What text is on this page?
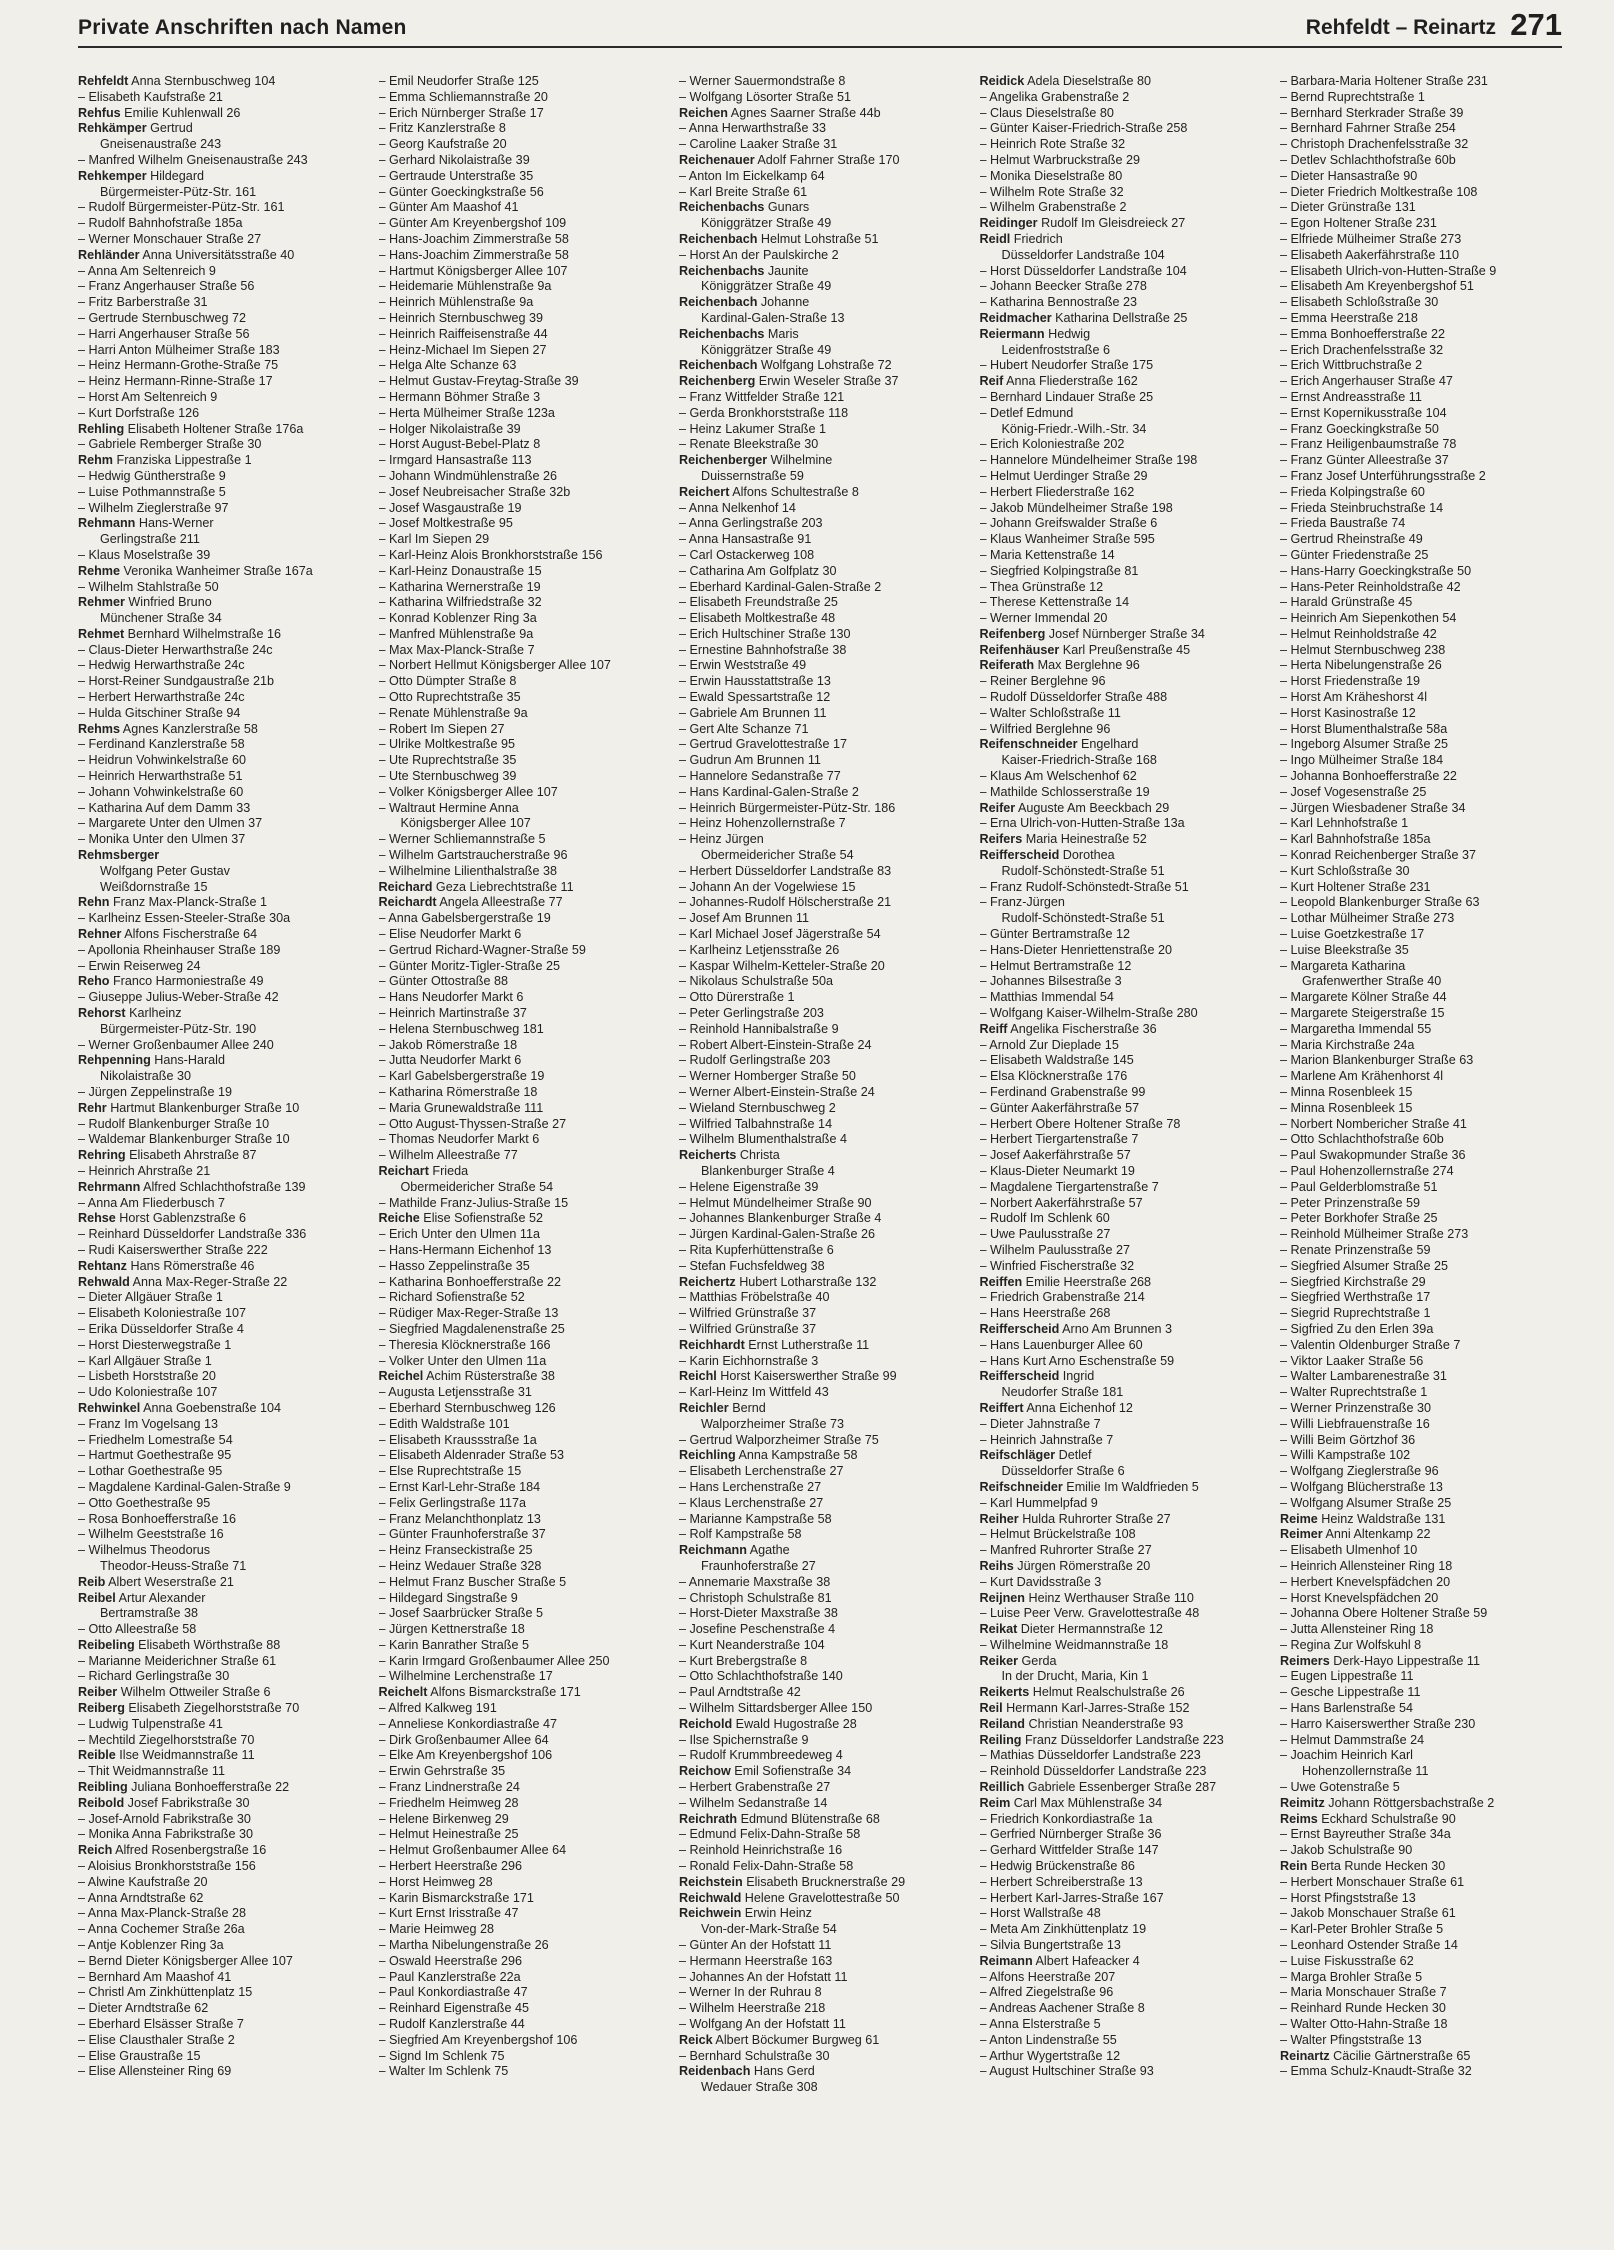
Private Anschriften nach Namen	Rehfeldt – Reinartz 271
Rehfeldt Anna Sternbuschweg 104
– Elisabeth Kaufstraße 21
Rehfus Emilie Kuhlenwall 26
Rehkämper Gertrud
Gneisenaustraße 243
– Manfred Wilhelm Gneisenaustraße 243
Rehkemper Hildegard
Bürgermeister-Pütz-Str. 161
– Rudolf Bürgermeister-Pütz-Str. 161
– Rudolf Bahnhofstraße 185a
– Werner Monschauer Straße 27
Rehländer Anna Universitätsstraße 40
– Anna Am Seltenreich 9
– Franz Angerhauser Straße 56
– Fritz Barberstraße 31
– Gertrude Sternbuschweg 72
– Harri Angerhauser Straße 56
– Harri Anton Mülheimer Straße 183
– Heinz Hermann-Grothe-Straße 75
– Heinz Hermann-Rinne-Straße 17
– Horst Am Seltenreich 9
– Kurt Dorfstraße 126
Rehling Elisabeth Holtener Straße 176a
– Gabriele Remberger Straße 30
Rehm Franziska Lippestraße 1
– Hedwig Güntherstraße 9
– Luise Pothmannstraße 5
– Wilhelm Zieglerstraße 97
Rehmann Hans-Werner
Gerlingstraße 211
– Klaus Moselstraße 39
Rehme Veronika Wanheimer Straße 167a
– Wilhelm Stahlstraße 50
Rehmer Winfried Bruno
Münchener Straße 34
Rehmet Bernhard Wilhelmstraße 16
– Claus-Dieter Herwarthstraße 24c
– Hedwig Herwarthstraße 24c
– Horst-Reiner Sundgaustraße 21b
– Herbert Herwarthstraße 24c
– Hulda Gitschiner Straße 94
Rehms Agnes Kanzlerstraße 58
– Ferdinand Kanzlerstraße 58
– Heidrun Vohwinkelstraße 60
– Heinrich Herwarthstraße 51
– Johann Vohwinkelstraße 60
– Katharina Auf dem Damm 33
– Margarete Unter den Ulmen 37
– Monika Unter den Ulmen 37
Rehmsberger
Wolfgang Peter Gustav
Weißdornstraße 15
Rehn Franz Max-Planck-Straße 1
– Karlheinz Essen-Steeler-Straße 30a
Rehner Alfons Fischerstraße 64
– Apollonia Rheinhauser Straße 189
– Erwin Reiserweg 24
Reho Franco Harmoniestraße 49
– Giuseppe Julius-Weber-Straße 42
Rehorst Karlheinz
Bürgermeister-Pütz-Str. 190
– Werner Großenbaumer Allee 240
Rehpenning Hans-Harald
Nikolaistraße 30
– Jürgen Zeppelinstraße 19
Rehr Hartmut Blankenburger Straße 10
– Rudolf Blankenburger Straße 10
– Waldemar Blankenburger Straße 10
Rehring Elisabeth Ahrstraße 87
– Heinrich Ahrstraße 21
Rehrmann Alfred Schlachthofstraße 139
– Anna Am Fliederbusch 7
Rehse Horst Gablenzstraße 6
– Reinhard Düsseldorfer Landstraße 336
– Rudi Kaiserswerther Straße 222
Rehtanz Hans Römerstraße 46
Rehwald Anna Max-Reger-Straße 22
– Dieter Allgäuer Straße 1
– Elisabeth Koloniestraße 107
– Erika Düsseldorfer Straße 4
– Horst Diesterwegstraße 1
– Karl Allgäuer Straße 1
– Lisbeth Horststraße 20
– Udo Koloniestraße 107
Rehwinkel Anna Goebenstraße 104
– Franz Im Vogelsang 13
– Friedhelm Lomestraße 54
– Hartmut Goethestraße 95
– Lothar Goethestraße 95
– Magdalene Kardinal-Galen-Straße 9
– Otto Goethestraße 95
– Rosa Bonhoefferstraße 16
– Wilhelm Geeststraße 16
– Wilhelmus Theodorus
Theodor-Heuss-Straße 71
Reib Albert Weserstraße 21
Reibel Artur Alexander
Bertramstraße 38
– Otto Alleestraße 58
Reibeling Elisabeth Wörthstraße 88
– Marianne Meiderichner Straße 61
– Richard Gerlingstraße 30
Reiber Wilhelm Ottweiler Straße 6
Reiberg Elisabeth Ziegelhorststraße 70
– Ludwig Tulpenstraße 41
– Mechtild Ziegelhorststraße 70
Reible Ilse Weidmannstraße 11
– Thit Weidmannstraße 11
Reibling Juliana Bonhoefferstraße 22
Reibold Josef Fabrikstraße 30
– Josef-Arnold Fabrikstraße 30
– Monika Anna Fabrikstraße 30
Reich Alfred Rosenbergstraße 16
– Aloisius Bronkhorststraße 156
– Alwine Kaufstraße 20
– Anna Arndtstraße 62
– Anna Max-Planck-Straße 28
– Anna Cochemer Straße 26a
– Antje Koblenzer Ring 3a
– Bernd Dieter Königsberger Allee 107
– Bernhard Am Maashof 41
– Christl Am Zinkhüttenplatz 15
– Dieter Arndtstraße 62
– Eberhard Elsässer Straße 7
– Elise Clausthaler Straße 2
– Elise Graustraße 15
– Elise Allensteiner Ring 69
– Emil Neudorfer Straße 125
– Emma Schliemannstraße 20
– Erich Nürnberger Straße 17
– Fritz Kanzlerstraße 8
– Georg Kaufstraße 20
– Gerhard Nikolaistraße 39
– Gertraude Unterstraße 35
– Günter Goeckingkstraße 56
– Günter Am Maashof 41
– Günter Am Kreyenbergshof 109
– Hans-Joachim Zimmerstraße 58
– Hans-Joachim Zimmerstraße 58
– Hartmut Königsberger Allee 107
– Heidemarie Mühlenstraße 9a
– Heinrich Mühlenstraße 9a
– Heinrich Sternbuschweg 39
– Heinrich Raiffeisenstraße 44
– Heinz-Michael Im Siepen 27
– Helga Alte Schanze 63
– Helmut Gustav-Freytag-Straße 39
– Hermann Böhmer Straße 3
– Herta Mülheimer Straße 123a
– Holger Nikolaistraße 39
– Horst August-Bebel-Platz 8
– Irmgard Hansastraße 113
– Johann Windmühlenstraße 26
– Josef Neubreisacher Straße 32b
– Josef Wasgaustraße 19
– Josef Moltkestraße 95
– Karl Im Siepen 29
– Karl-Heinz Alois Bronkhorststraße 156
– Karl-Heinz Donaustraße 15
– Katharina Wernerstraße 19
– Katharina Wilfriedstraße 32
– Konrad Koblenzer Ring 3a
– Manfred Mühlenstraße 9a
– Max Max-Planck-Straße 7
– Norbert Hellmut Königsberger Allee 107
– Otto Dümpter Straße 8
– Otto Ruprechtstraße 35
– Renate Mühlenstraße 9a
– Robert Im Siepen 27
– Ulrike Moltkestraße 95
– Ute Ruprechtstraße 35
– Ute Sternbuschweg 39
– Volker Königsberger Allee 107
– Waltraut Hermine Anna
Königsberger Allee 107
– Werner Schliemannstraße 5
– Wilhelm Gartstraucherstraße 96
– Wilhelmine Lilienthalstraße 38
Reichard Geza Liebrechtstraße 11
Reichardt Angela Alleestraße 77
– Anna Gabelsbergerstraße 19
– Elise Neudorfer Markt 6
– Gertrud Richard-Wagner-Straße 59
– Günter Moritz-Tigler-Straße 25
– Günter Ottostraße 88
– Hans Neudorfer Markt 6
– Heinrich Martinstraße 37
– Helena Sternbuschweg 181
– Jakob Römerstraße 18
– Jutta Neudorfer Markt 6
– Karl Gabelsbergerstraße 19
– Katharina Römerstraße 18
– Maria Grunewaldstraße 111
– Otto August-Thyssen-Straße 27
– Thomas Neudorfer Markt 6
– Wilhelm Alleestraße 77
Reichart Frieda
Obermeidericher Straße 54
– Mathilde Franz-Julius-Straße 15
Reiche Elise Sofienstraße 52
– Erich Unter den Ulmen 11a
– Hans-Hermann Eichenhof 13
– Hasso Zeppelinstraße 35
– Katharina Bonhoefferstraße 22
– Richard Sofienstraße 52
– Rüdiger Max-Reger-Straße 13
– Siegfried Magdalenenstraße 25
– Theresia Klöcknerstraße 166
– Volker Unter den Ulmen 11a
Reichel Achim Rüsterstraße 38
– Augusta Letjensstraße 31
– Eberhard Sternbuschweg 126
– Edith Waldstraße 101
– Elisabeth Kraussstraße 1a
– Elisabeth Aldenrader Straße 53
– Else Ruprechtstraße 15
– Ernst Karl-Lehr-Straße 184
– Felix Gerlingstraße 117a
– Franz Melanchthonplatz 13
– Günter Fraunhoferstraße 37
– Heinz Franseckistraße 25
– Heinz Wedauer Straße 328
– Helmut Franz Buscher Straße 5
– Hildegard Singstraße 9
– Josef Saarbrücker Straße 5
– Jürgen Kettnerstraße 18
– Karin Banrather Straße 5
– Karin Irmgard Großenbaumer Allee 250
– Wilhelmine Lerchenstraße 17
Reichelt Alfons Bismarckstraße 171
– Alfred Kalkweg 191
– Anneliese Konkordiastraße 47
– Dirk Großenbaumer Allee 64
– Elke Am Kreyenbergshof 106
– Erwin Gehrstraße 35
– Franz Lindnerstraße 24
– Friedhelm Heimweg 28
– Helene Birkenweg 29
– Helmut Heinestraße 25
– Helmut Großenbaumer Allee 64
– Herbert Heerstraße 296
– Horst Heimweg 28
– Karin Bismarckstraße 171
– Kurt Ernst Irisstraße 47
– Marie Heimweg 28
– Martha Nibelungenstraße 26
– Oswald Heerstraße 296
– Paul Kanzlerstraße 22a
– Paul Konkordiastraße 47
– Reinhard Eigenstraße 45
– Rudolf Kanzlerstraße 44
– Siegfried Am Kreyenbergshof 106
– Signd Im Schlenk 75
– Walter Im Schlenk 75
– Werner Sauermondstraße 8
– Wolfgang Lösorter Straße 51
Reichen Agnes Saarner Straße 44b
– Anna Herwarthstraße 33
– Caroline Laaker Straße 31
Reichenauer Adolf Fahrner Straße 170
– Anton Im Eickelkamp 64
– Karl Breite Straße 61
Reichenbachs Gunars
Königgrätzer Straße 49
Reichenbach Helmut Lohstraße 51
– Horst An der Paulskirche 2
Reichenbachs Jaunite
Königgrätzer Straße 49
Reichenbach Johanne
Kardinal-Galen-Straße 13
Reichenbachs Maris
Königgrätzer Straße 49
Reichenbach Wolfgang Lohstraße 72
Reichenberg Erwin Weseler Straße 37
– Franz Wittfelder Straße 121
– Gerda Bronkhorststraße 118
– Heinz Lakumer Straße 1
– Renate Bleekstraße 30
Reichenberger Wilhelmine
Duissernstraße 59
Reichert Alfons Schultestraße 8
– Anna Nelkenhof 14
– Anna Gerlingstraße 203
– Anna Hansastraße 91
– Carl Ostackerweg 108
– Catharina Am Golfplatz 30
– Eberhard Kardinal-Galen-Straße 2
– Elisabeth Freundstraße 25
– Elisabeth Moltkestraße 48
– Erich Hultschiner Straße 130
– Ernestine Bahnhofstraße 38
– Erwin Weststraße 49
– Erwin Hausstattstraße 13
– Ewald Spessartstraße 12
– Gabriele Am Brunnen 11
– Gert Alte Schanze 71
– Gertrud Gravelottestraße 17
– Gudrun Am Brunnen 11
– Hannelore Sedanstraße 77
– Hans Kardinal-Galen-Straße 2
– Heinrich Bürgermeister-Pütz-Str. 186
– Heinz Hohenzollernstraße 7
– Heinz Jürgen
Obermeidericher Straße 54
– Herbert Düsseldorfer Landstraße 83
– Johann An der Vogelwiese 15
– Johannes-Rudolf Hölscherstraße 21
– Josef Am Brunnen 11
– Karl Michael Josef Jägerstraße 54
– Karlheinz Letjensstraße 26
– Kaspar Wilhelm-Ketteler-Straße 20
– Nikolaus Schulstraße 50a
– Otto Dürerstraße 1
– Peter Gerlingstraße 203
– Reinhold Hannibalstraße 9
– Robert Albert-Einstein-Straße 24
– Rudolf Gerlingstraße 203
– Werner Homberger Straße 50
– Werner Albert-Einstein-Straße 24
– Wieland Sternbuschweg 2
– Wilfried Talbahnstraße 14
– Wilhelm Blumenthalstraße 4
Reicherts Christa
Blankenburger Straße 4
– Helene Eigenstraße 39
– Helmut Mündelheimer Straße 90
– Johannes Blankenburger Straße 4
– Jürgen Kardinal-Galen-Straße 26
– Rita Kupferhüttenstraße 6
– Stefan Fuchsfeldweg 38
Reichertz Hubert Lotharstraße 132
– Matthias Fröbelstraße 40
– Wilfried Grünstraße 37
– Wilfried Grünstraße 37
Reichhardt Ernst Lutherstraße 11
– Karin Eichhornstraße 3
Reichl Horst Kaiserswerther Straße 99
– Karl-Heinz Im Wittfeld 43
Reichler Bernd
Walporzheimer Straße 73
– Gertrud Walporzheimer Straße 75
Reichling Anna Kampstraße 58
– Elisabeth Lerchenstraße 27
– Hans Lerchenstraße 27
– Klaus Lerchenstraße 27
– Marianne Kampstraße 58
– Rolf Kampstraße 58
Reichmann Agathe
Fraunhoferstraße 27
– Annemarie Maxstraße 38
– Christoph Schulstraße 81
– Horst-Dieter Maxstraße 38
– Josefine Peschenstraße 4
– Kurt Neanderstraße 104
– Kurt Brebergstraße 8
– Otto Schlachthofstraße 140
– Paul Arndtstraße 42
– Wilhelm Sittardsberger Allee 150
Reichold Ewald Hugostraße 28
– Ilse Spichernstraße 9
– Rudolf Krummbreedeweg 4
Reichow Emil Sofienstraße 34
– Herbert Grabenstraße 27
– Wilhelm Sedanstraße 14
Reichrath Edmund Blütenstraße 68
– Edmund Felix-Dahn-Straße 58
– Reinhold Heinrichstraße 16
– Ronald Felix-Dahn-Straße 58
Reichstein Elisabeth Brucknerstraße 29
Reichwald Helene Gravelottestraße 50
Reichwein Erwin Heinz
Von-der-Mark-Straße 54
– Günter An der Hofstatt 11
– Hermann Heerstraße 163
– Johannes An der Hofstatt 11
– Werner In der Ruhrau 8
– Wilhelm Heerstraße 218
– Wolfgang An der Hofstatt 11
Reick Albert Böckumer Burgweg 61
– Bernhard Schulstraße 30
Reidenbach Hans Gerd
Wedauer Straße 308
Reidick Adela Dieselstraße 80
– Angelika Grabenstraße 2
– Claus Dieselstraße 80
– Günter Kaiser-Friedrich-Straße 258
– Heinrich Rote Straße 32
– Helmut Warbruckstraße 29
– Monika Dieselstraße 80
– Wilhelm Rote Straße 32
– Wilhelm Grabenstraße 2
Reidinger Rudolf Im Gleisdreieck 27
Reidl Friedrich
Düsseldorfer Landstraße 104
– Horst Düsseldorfer Landstraße 104
– Johann Beecker Straße 278
– Katharina Bennostraße 23
Reidmacher Katharina Dellstraße 25
Reiermann Hedwig
Leidenfroststraße 6
– Hubert Neudorfer Straße 175
Reif Anna Fliederstraße 162
– Bernhard Lindauer Straße 25
– Detlef Edmund
König-Friedr.-Wilh.-Str. 34
– Erich Koloniestraße 202
– Hannelore Mündelheimer Straße 198
– Helmut Uerdinger Straße 29
– Herbert Fliederstraße 162
– Jakob Mündelheimer Straße 198
– Johann Greifswalder Straße 6
– Klaus Wanheimer Straße 595
– Maria Kettenstraße 14
– Siegfried Kolpingstraße 81
– Thea Grünstraße 12
– Therese Kettenstraße 14
– Werner Immendal 20
Reifenberg Josef Nürnberger Straße 34
Reifenhäuser Karl Preußenstraße 45
Reiferath Max Berglehne 96
– Reiner Berglehne 96
– Rudolf Düsseldorfer Straße 488
– Walter Schloßstraße 11
– Wilfried Berglehne 96
Reifenschneider Engelhard
Kaiser-Friedrich-Straße 168
– Klaus Am Welschenhof 62
– Mathilde Schlosserstraße 19
Reifer Auguste Am Beeckbach 29
– Erna Ulrich-von-Hutten-Straße 13a
Reifers Maria Heinestraße 52
Reifferscheid Dorothea
Rudolf-Schönstedt-Straße 51
– Franz Rudolf-Schönstedt-Straße 51
– Franz-Jürgen
Rudolf-Schönstedt-Straße 51
– Günter Bertramstraße 12
– Hans-Dieter Henriettenstraße 20
– Helmut Bertramstraße 12
– Johannes Bilsestraße 3
– Matthias Immendal 54
– Wolfgang Kaiser-Wilhelm-Straße 280
Reiff Angelika Fischerstraße 36
– Arnold Zur Dieplade 15
– Elisabeth Waldstraße 145
– Elsa Klöcknerstraße 176
– Ferdinand Grabenstraße 99
– Günter Aakerfährstraße 57
– Herbert Obere Holtener Straße 78
– Herbert Tiergartenstraße 7
– Josef Aakerfährstraße 57
– Klaus-Dieter Neumarkt 19
– Magdalene Tiergartenstraße 7
– Norbert Aakerfährstraße 57
– Rudolf Im Schlenk 60
– Uwe Paulusstraße 27
– Wilhelm Paulusstraße 27
– Winfried Fischerstraße 32
Reiffen Emilie Heerstraße 268
– Friedrich Grabenstraße 214
– Hans Heerstraße 268
Reifferscheid Arno Am Brunnen 3
– Hans Lauenburger Allee 60
– Hans Kurt Arno Eschenstraße 59
Reifferscheid Ingrid
Neudorfer Straße 181
Reiffert Anna Eichenhof 12
– Dieter Jahnstraße 7
– Heinrich Jahnstraße 7
Reifschläger Detlef
Düsseldorfer Straße 6
Reifschneider Emilie Im Waldfrieden 5
– Karl Hummelpfad 9
Reiher Hulda Ruhrorter Straße 27
– Helmut Brückelstraße 108
– Manfred Ruhrorter Straße 27
Reihs Jürgen Römerstraße 20
– Kurt Davidsstraße 3
Reijnen Heinz Werthauser Straße 110
– Luise Peer Verw. Gravelottestraße 48
Reikat Dieter Hermannstraße 12
– Wilhelmine Weidmannstraße 18
Reiker Gerda
In der Drucht, Maria, Kin 1
Reikerts Helmut Realschulstraße 26
Reil Hermann Karl-Jarres-Straße 152
Reiland Christian Neanderstraße 93
Reiling Franz Düsseldorfer Landstraße 223
– Mathias Düsseldorfer Landstraße 223
– Reinhold Düsseldorfer Landstraße 223
Reillich Gabriele Essenberger Straße 287
Reim Carl Max Mühlenstraße 34
– Friedrich Konkordiastraße 1a
– Gerfried Nürnberger Straße 36
– Gerhard Wittfelder Straße 147
– Hedwig Brückenstraße 86
– Herbert Schreiberstraße 13
– Herbert Karl-Jarres-Straße 167
– Horst Wallstraße 48
– Meta Am Zinkhüttenplatz 19
– Silvia Bungertstraße 13
Reimann Albert Hafeacker 4
– Alfons Heerstraße 207
– Alfred Ziegelstraße 96
– Andreas Aachener Straße 8
– Anna Elsterstraße 5
– Anton Lindenstraße 55
– Arthur Wygertstraße 12
– August Hultschiner Straße 93
– Barbara-Maria Holtener Straße 231
– Bernd Ruprechtstraße 1
– Bernhard Sterkrader Straße 39
– Bernhard Fahrner Straße 254
– Christoph Drachenfelsstraße 32
– Detlev Schlachthofstraße 60b
– Dieter Hansastraße 90
– Dieter Friedrich Moltkestraße 108
– Dieter Grünstraße 131
– Egon Holtener Straße 231
– Elfriede Mülheimer Straße 273
– Elisabeth Aakerfährstraße 110
– Elisabeth Ulrich-von-Hutten-Straße 9
– Elisabeth Am Kreyenbergshof 51
– Elisabeth Schloßstraße 30
– Emma Heerstraße 218
– Emma Bonhoefferstraße 22
– Erich Drachenfelsstraße 32
– Erich Wittbruchstraße 2
– Erich Angerhauser Straße 47
– Ernst Andreasstraße 11
– Ernst Kopernikusstraße 104
– Franz Goeckingkstraße 50
– Franz Heiligenbaumstraße 78
– Franz Günter Alleestraße 37
– Franz Josef Unterführungsstraße 2
– Frieda Kolpingstraße 60
– Frieda Steinbruchstraße 14
– Frieda Baustraße 74
– Gertrud Rheinstraße 49
– Günter Friedenstraße 25
– Hans-Harry Goeckingkstraße 50
– Hans-Peter Reinholdstraße 42
– Harald Grünstraße 45
– Heinrich Am Siepenkothen 54
– Helmut Reinholdstraße 42
– Helmut Sternbuschweg 238
– Herta Nibelungenstraße 26
– Horst Friedenstraße 19
– Horst Am Kräheshorst 4l
– Horst Kasinostraße 12
– Horst Blumenthalstraße 58a
– Ingeborg Alsumer Straße 25
– Ingo Mülheimer Straße 184
– Johanna Bonhoefferstraße 22
– Josef Vogesenstraße 25
– Jürgen Wiesbadener Straße 34
– Karl Lehnhofstraße 1
– Karl Bahnhofstraße 185a
– Konrad Reichenberger Straße 37
– Kurt Schloßstraße 30
– Kurt Holtener Straße 231
– Leopold Blankenburger Straße 63
– Lothar Mülheimer Straße 273
– Luise Goetzkestraße 17
– Luise Bleekstraße 35
– Margareta Katharina
Grafenwerther Straße 40
– Margarete Kölner Straße 44
– Margarete Steigerstraße 15
– Margaretha Immendal 55
– Maria Kirchstraße 24a
– Marion Blankenburger Straße 63
– Marlene Am Krähenhorst 4l
– Minna Rosenbleek 15
– Minna Rosenbleek 15
– Norbert Nombericher Straße 41
– Otto Schlachthofstraße 60b
– Paul Swakopmunder Straße 36
– Paul Hohenzollernstraße 274
– Paul Gelderblomstraße 51
– Peter Prinzenstraße 59
– Peter Borkhofer Straße 25
– Reinhold Mülheimer Straße 273
– Renate Prinzenstraße 59
– Siegfried Alsumer Straße 25
– Siegfried Kirchstraße 29
– Siegfried Werthstraße 17
– Siegrid Ruprechtstraße 1
– Sigfried Zu den Erlen 39a
– Valentin Oldenburger Straße 7
– Viktor Laaker Straße 56
– Walter Lambarenestraße 31
– Walter Ruprechtstraße 1
– Werner Prinzenstraße 30
– Willi Liebfrauenstraße 16
– Willi Beim Görtzhof 36
– Willi Kampstraße 102
– Wolfgang Zieglerstraße 96
– Wolfgang Blücherstraße 13
– Wolfgang Alsumer Straße 25
Reime Heinz Waldstraße 131
Reimer Anni Altenkamp 22
– Elisabeth Ulmenhof 10
– Heinrich Allensteiner Ring 18
– Herbert Knevelspfädchen 20
– Horst Knevelspfädchen 20
– Johanna Obere Holtener Straße 59
– Jutta Allensteiner Ring 18
– Regina Zur Wolfskuhl 8
Reimers Derk-Hayo Lippestraße 11
– Eugen Lippestraße 11
– Gesche Lippestraße 11
– Hans Barlenstraße 54
– Harro Kaiserswerther Straße 230
– Helmut Dammstraße 24
– Joachim Heinrich Karl
Hohenzollernstraße 11
– Uwe Gotenstraße 5
Reimitz Johann Röttgersbachstraße 2
Reims Eckhard Schulstraße 90
– Ernst Bayreuther Straße 34a
– Jakob Schulstraße 90
Rein Berta Runde Hecken 30
– Herbert Monschauer Straße 61
– Horst Pfingststraße 13
– Jakob Monschauer Straße 61
– Karl-Peter Brohler Straße 5
– Leonhard Ostender Straße 14
– Luise Fiskusstraße 62
– Marga Brohler Straße 5
– Maria Monschauer Straße 7
– Reinhard Runde Hecken 30
– Walter Otto-Hahn-Straße 18
– Walter Pfingststraße 13
Reinartz Cäcilie Gärtnerstraße 65
– Emma Schulz-Knaudt-Straße 32
